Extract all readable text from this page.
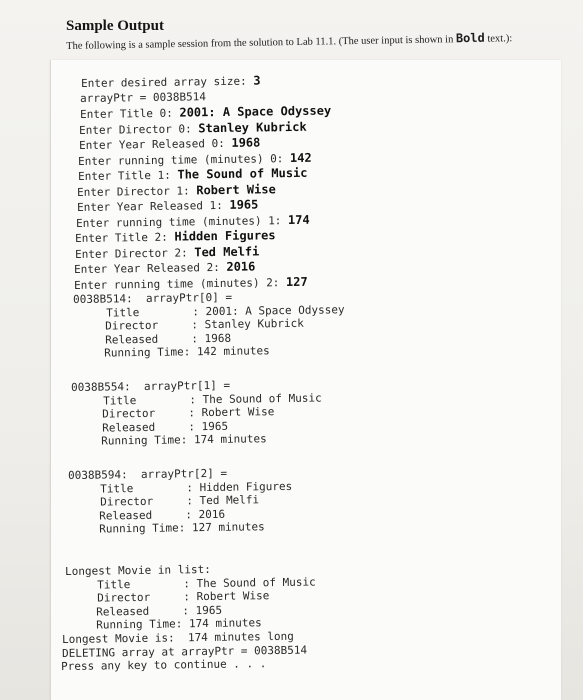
Sample Output
The following is a sample session from the solution to Lab 11.1. (The user input is shown in Bold text.):
Enter desired array size: 3
arrayPtr = 0038B514
Enter Title 0: 2001: A Space Odyssey
Enter Director 0: Stanley Kubrick
Enter Year Released 0: 1968
Enter running time (minutes) 0: 142
Enter Title 1: The Sound of Music
Enter Director 1: Robert Wise
Enter Year Released 1: 1965
Enter running time (minutes) 1: 174
Enter Title 2: Hidden Figures
Enter Director 2: Ted Melfi
Enter Year Released 2: 2016
Enter running time (minutes) 2: 127
0038B514:  arrayPtr[0] =
Title        : 2001: A Space Odyssey
Director     : Stanley Kubrick
Released     : 1968
Running Time: 142 minutes
0038B554:  arrayPtr[1] =
Title        : The Sound of Music
Director     : Robert Wise
Released     : 1965
Running Time: 174 minutes
0038B594:  arrayPtr[2] =
Title        : Hidden Figures
Director     : Ted Melfi
Released     : 2016
Running Time: 127 minutes
Longest Movie in list:
Title        : The Sound of Music
Director     : Robert Wise
Released     : 1965
Running Time: 174 minutes
Longest Movie is:  174 minutes long
DELETING array at arrayPtr = 0038B514
Press any key to continue . . .
